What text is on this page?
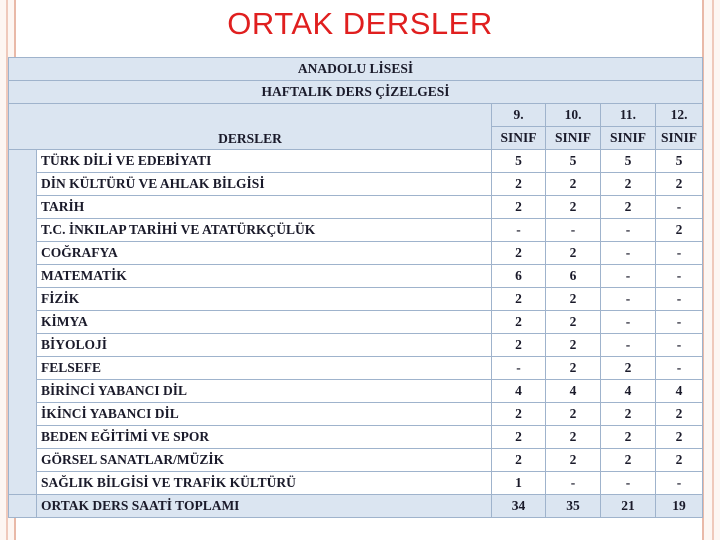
ORTAK DERSLER
ANADOLU LİSESİ					
HAFTALIK DERS ÇİZELGESİ					
DERSLER		9.	10.	11.	12.
		SINIF	SINIF	SINIF	SINIF
	TÜRK DİLİ VE EDEBİYATI	5	5	5	5
	DİN KÜLTÜRÜ VE AHLAK BİLGİSİ	2	2	2	2
	TARİH	2	2	2	-
	T.C. İNKILAP TARİHİ VE ATATÜRKÇÜLÜK	-	-	-	2
	COĞRAFYA	2	2	-	-
	MATEMATİK	6	6	-	-
	FİZİK	2	2	-	-
	KİMYA	2	2	-	-
	BİYOLOJİ	2	2	-	-
	FELSEFE	-	2	2	-
	BİRİNCİ YABANCI DİL	4	4	4	4
	İKİNCİ YABANCI DİL	2	2	2	2
	BEDEN EĞİTİMİ VE SPOR	2	2	2	2
	GÖRSEL SANATLAR/MÜZİK	2	2	2	2
	SAĞLIK BİLGİSİ VE TRAFİK KÜLTÜRÜ	1	-	-	-
	ORTAK DERS SAATİ TOPLAMI	34	35	21	19
